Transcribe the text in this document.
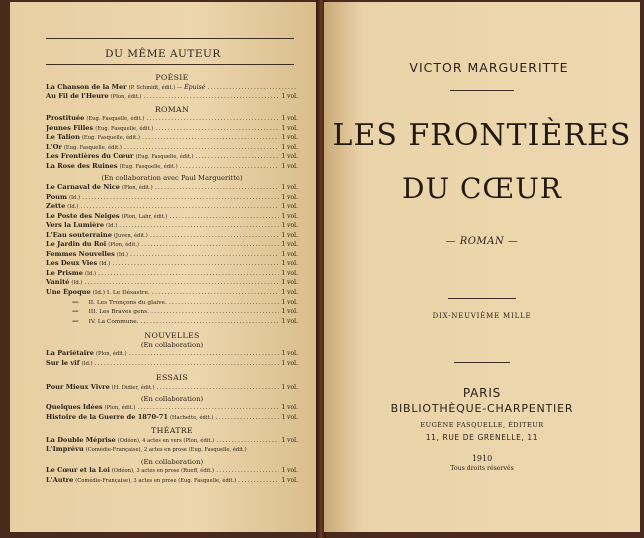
DU MÊME AUTEUR
POÉSIE
La Chanson de la Mer (P. Schmidt, édit.) — Épuisé
.....
Au Fil de l'Heure (Plon, édit.) .....	1 vol.
ROMAN
Prostituée (Eug. Fasquelle, édit.) .....	1 vol.
Jeunes Filles (Eug. Fasquelle, édit.) .....	1 vol.
Le Talion (Eug. Fasquelle, édit.) .....	1 vol.
L'Or (Eug. Fasquelle, édit.) .....	1 vol.
Les Frontières du Cœur (Eug. Fasquelle, édit.) .....	1 vol.
La Rose des Ruines (Eug. Fasquelle, édit.) .....	1 vol.
(En collaboration avec Paul Margueritte)
Le Carnaval de Nice (Plon, édit.) .....	1 vol.
Poum (Id.) .....	1 vol.
Zette (Id.) .....	1 vol.
Le Poste des Neiges (Plon, Lahr, édit.) .....	1 vol.
Vers la Lumière (Id.) .....	1 vol.
L'Eau souterraine (Juven, édit.) .....	1 vol.
Le Jardin du Roi (Plon, édit.) .....	1 vol.
Femmes Nouvelles (Id.) .....	1 vol.
Les Deux Vies (Id.) .....	1 vol.
Le Prisme (Id.) .....	1 vol.
Vanité (Id.) .....	1 vol.
Une Époque (Id.) I. Le Désastre. .....	1 vol.
— II. Les Tronçons du glaive. .....	1 vol.
— III. Les Braves gens. .....	1 vol.
— IV. La Commune. .....	1 vol.
NOUVELLES
(En collaboration)
La Pariétaire (Plon, édit.) .....	1 vol.
Sur le vif (Id.) .....	1 vol.
ESSAIS
Pour Mieux Vivre (H. Didier, édit.) .....	1 vol.
(En collaboration)
Quelques Idées (Plon, édit.) .....	1 vol.
Histoire de la Guerre de 1870-71 (Hachette, édit.) .....	1 vol.
THÉATRE
La Double Méprise (Odéon), 4 actes en vers (Plon, édit.) .....	1 vol.
L'Imprévu (Comédie-Française), 2 actes en prose (Eug. Fasquelle, édit.)
(En collaboration)
Le Cœur et la Loi (Odéon), 3 actes en prose (Rueff, édit.) .....	1 vol.
L'Autre (Comédie-Française), 3 actes en prose (Eug. Fasquelle, édit.) .....	1 vol.
VICTOR MARGUERITTE
LES FRONTIÈRES
DU CŒUR
— ROMAN —
DIX-NEUVIÈME MILLE
PARIS
BIBLIOTHÈQUE-CHARPENTIER
EUGÈNE FASQUELLE, ÉDITEUR
11, RUE DE GRENELLE, 11
1910
Tous droits réservés
